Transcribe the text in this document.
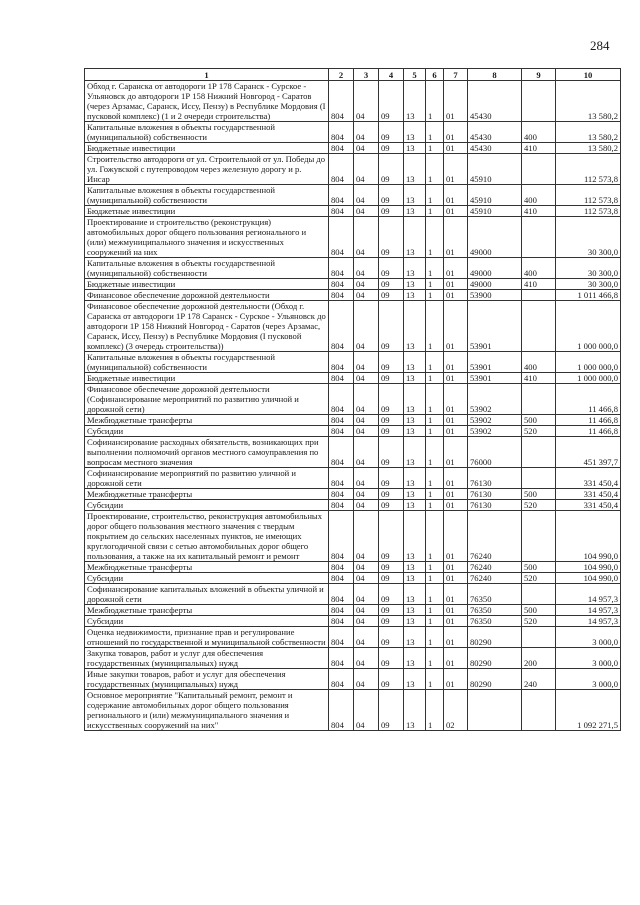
284
1	2	3	4	5	6	7	8	9	10
Обход г. Саранска от автодороги 1Р 178 Саранск - Сурское - Ульяновск до автодороги 1Р 158 Нижний Новгород - Саратов (через Арзамас, Саранск, Иссу, Пензу) в Республике Мордовия (I пусковой комплекс) (1 и 2 очереди строительства)	804	04	09	13	1	01	45430		13 580,2
Капитальные вложения в объекты государственной (муниципальной) собственности	804	04	09	13	1	01	45430	400	13 580,2
Бюджетные инвестиции	804	04	09	13	1	01	45430	410	13 580,2
Строительство автодороги от ул. Строительной от ул. Победы до ул. Гожувской с путепроводом через железную дорогу и р. Инсар	804	04	09	13	1	01	45910		112 573,8
Капитальные вложения в объекты государственной (муниципальной) собственности	804	04	09	13	1	01	45910	400	112 573,8
Бюджетные инвестиции	804	04	09	13	1	01	45910	410	112 573,8
Проектирование и строительство (реконструкция) автомобильных дорог общего пользования регионального и (или) межмуниципального значения и искусственных сооружений на них	804	04	09	13	1	01	49000		30 300,0
Капитальные вложения в объекты государственной (муниципальной) собственности	804	04	09	13	1	01	49000	400	30 300,0
Бюджетные инвестиции	804	04	09	13	1	01	49000	410	30 300,0
Финансовое обеспечение дорожной деятельности	804	04	09	13	1	01	53900		1 011 466,8
Финансовое обеспечение дорожной деятельности (Обход г. Саранска от автодороги 1Р 178 Саранск - Сурское - Ульяновск до автодороги 1Р 158 Нижний Новгород - Саратов (через Арзамас, Саранск, Иссу, Пензу) в Республике Мордовия (I пусковой комплекс) (3 очередь строительства))	804	04	09	13	1	01	53901		1 000 000,0
Капитальные вложения в объекты государственной (муниципальной) собственности	804	04	09	13	1	01	53901	400	1 000 000,0
Бюджетные инвестиции	804	04	09	13	1	01	53901	410	1 000 000,0
Финансовое обеспечение дорожной деятельности (Софинансирование мероприятий по развитию уличной и дорожной сети)	804	04	09	13	1	01	53902		11 466,8
Межбюджетные трансферты	804	04	09	13	1	01	53902	500	11 466,8
Субсидии	804	04	09	13	1	01	53902	520	11 466,8
Софинансирование расходных обязательств, возникающих при выполнении полномочий органов местного самоуправления по вопросам местного значения	804	04	09	13	1	01	76000		451 397,7
Софинансирование мероприятий по развитию уличной и дорожной сети	804	04	09	13	1	01	76130		331 450,4
Межбюджетные трансферты	804	04	09	13	1	01	76130	500	331 450,4
Субсидии	804	04	09	13	1	01	76130	520	331 450,4
Проектирование, строительство, реконструкция автомобильных дорог общего пользования местного значения с твердым покрытием до сельских населенных пунктов, не имеющих круглогодичной связи с сетью автомобильных дорог общего пользования, а также на их капитальный ремонт и ремонт	804	04	09	13	1	01	76240		104 990,0
Межбюджетные трансферты	804	04	09	13	1	01	76240	500	104 990,0
Субсидии	804	04	09	13	1	01	76240	520	104 990,0
Софинансирование капитальных вложений в объекты уличной и дорожной сети	804	04	09	13	1	01	76350		14 957,3
Межбюджетные трансферты	804	04	09	13	1	01	76350	500	14 957,3
Субсидии	804	04	09	13	1	01	76350	520	14 957,3
Оценка недвижимости, признание прав и регулирование отношений по государственной и муниципальной собственности	804	04	09	13	1	01	80290		3 000,0
Закупка товаров, работ и услуг для обеспечения государственных (муниципальных) нужд	804	04	09	13	1	01	80290	200	3 000,0
Иные закупки товаров, работ и услуг для обеспечения государственных (муниципальных) нужд	804	04	09	13	1	01	80290	240	3 000,0
Основное мероприятие "Капитальный ремонт, ремонт и содержание автомобильных дорог общего пользования регионального и (или) межмуниципального значения и искусственных сооружений на них"	804	04	09	13	1	02			1 092 271,5
